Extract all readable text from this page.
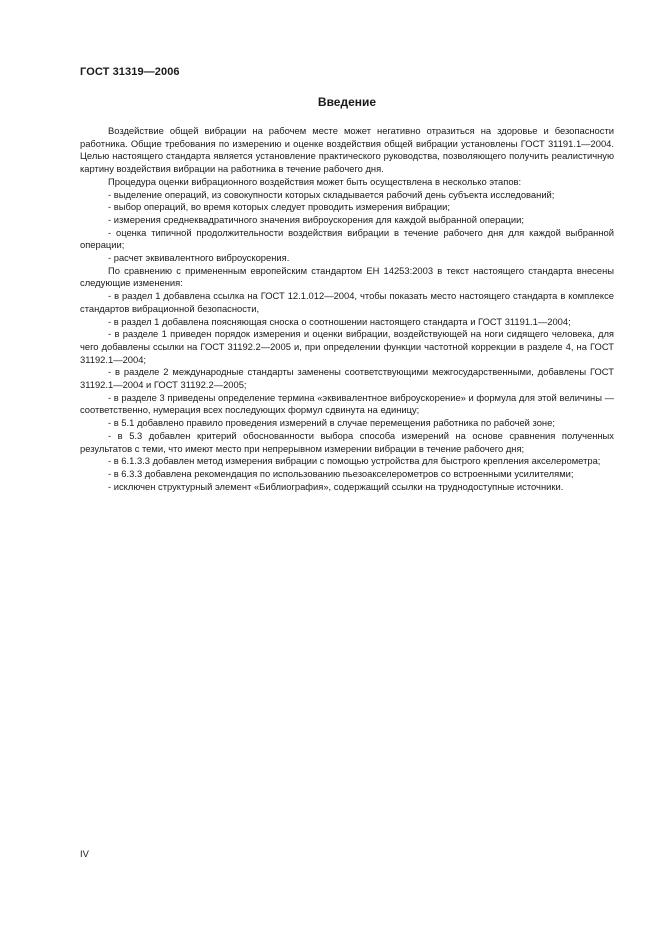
ГОСТ 31319—2006
Введение

Воздействие общей вибрации на рабочем месте может негативно отразиться на здоровье и безопасности работника. Общие требования по измерению и оценке воздействия общей вибрации установлены ГОСТ 31191.1—2004. Целью настоящего стандарта является установление практического руководства, позволяющего получить реалистичную картину воздействия вибрации на работника в течение рабочего дня.

Процедура оценки вибрационного воздействия может быть осуществлена в несколько этапов:

- выделение операций, из совокупности которых складывается рабочий день субъекта исследований;

- выбор операций, во время которых следует проводить измерения вибрации;

- измерения среднеквадратичного значения виброускорения для каждой выбранной операции;

- оценка типичной продолжительности воздействия вибрации в течение рабочего дня для каждой выбранной операции;

- расчет эквивалентного виброускорения.

По сравнению с примененным европейским стандартом ЕН 14253:2003 в текст настоящего стандарта внесены следующие изменения:

- в раздел 1 добавлена ссылка на ГОСТ 12.1.012—2004, чтобы показать место настоящего стандарта в комплексе стандартов вибрационной безопасности,

- в раздел 1 добавлена поясняющая сноска о соотношении настоящего стандарта и ГОСТ 31191.1—2004;

- в разделе 1 приведен порядок измерения и оценки вибрации, воздействующей на ноги сидящего человека, для чего добавлены ссылки на ГОСТ 31192.2—2005 и, при определении функции частотной коррекции в разделе 4, на ГОСТ 31192.1—2004;

- в разделе 2 международные стандарты заменены соответствующими межгосударственными, добавлены ГОСТ 31192.1—2004 и ГОСТ 31192.2—2005;

- в разделе 3 приведены определение термина «эквивалентное виброускорение» и формула для этой величины — соответственно, нумерация всех последующих формул сдвинута на единицу;

- в 5.1 добавлено правило проведения измерений в случае перемещения работника по рабочей зоне;

- в 5.3 добавлен критерий обоснованности выбора способа измерений на основе сравнения полученных результатов с теми, что имеют место при непрерывном измерении вибрации в течение рабочего дня;

- в 6.1.3.3 добавлен метод измерения вибрации с помощью устройства для быстрого крепления акселерометра;

- в 6.3.3 добавлена рекомендация по использованию пьезоакселерометров со встроенными усилителями;

- исключен структурный элемент «Библиография», содержащий ссылки на труднодоступные источники.

IV
